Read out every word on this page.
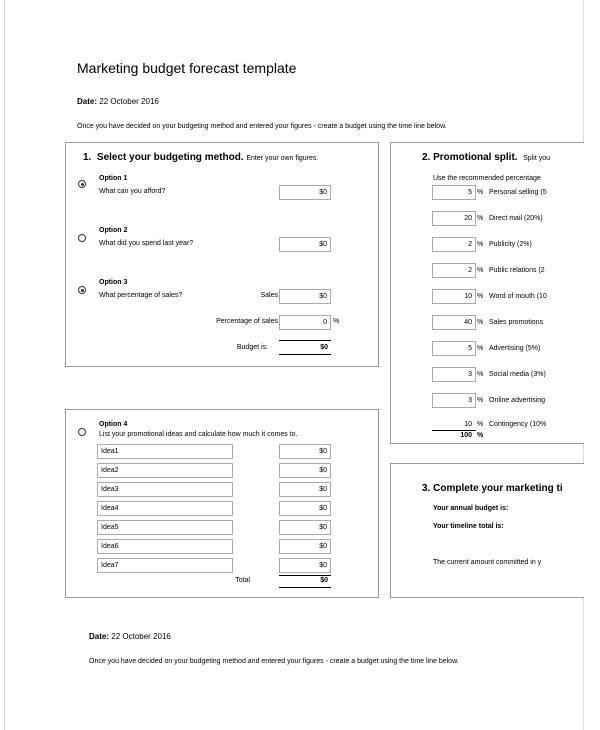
Marketing budget forecast template
Date: 22 October 2016
Once you have decided on your budgeting method and entered your figures - create a budget using the time line below.
1. Select your budgeting method. Enter your own figures.
Option 1
What can you afford?	$0
Option 2
What did you spend last year?	$0
Option 3
What percentage of sales?	Sales	$0
Percentage of sales	0 %
Budget is:	$0
Option 4
List your promotional ideas and calculate how much it comes to.
Idea1	$0
Idea2	$0
Idea3	$0
Idea4	$0
Idea5	$0
Idea6	$0
Idea7	$0
Total	$0
2. Promotional split. Split you
Use the recommended percentage
5 % Personal selling (5
20 % Direct mail (20%)
2 % Publicity (2%)
2 % Public relations (2
10 % Word of mouth (10
40 % Sales promotions
5 % Advertising (5%)
3 % Social media (3%)
3 % Online advertising
10 % Contingency (10%
100 %
3. Complete your marketing ti
Your annual budget is:
Your timeline total is:
The current amount committed in y
Date: 22 October 2016
Once you have decided on your budgeting method and entered your figures - create a budget using the time line below.
